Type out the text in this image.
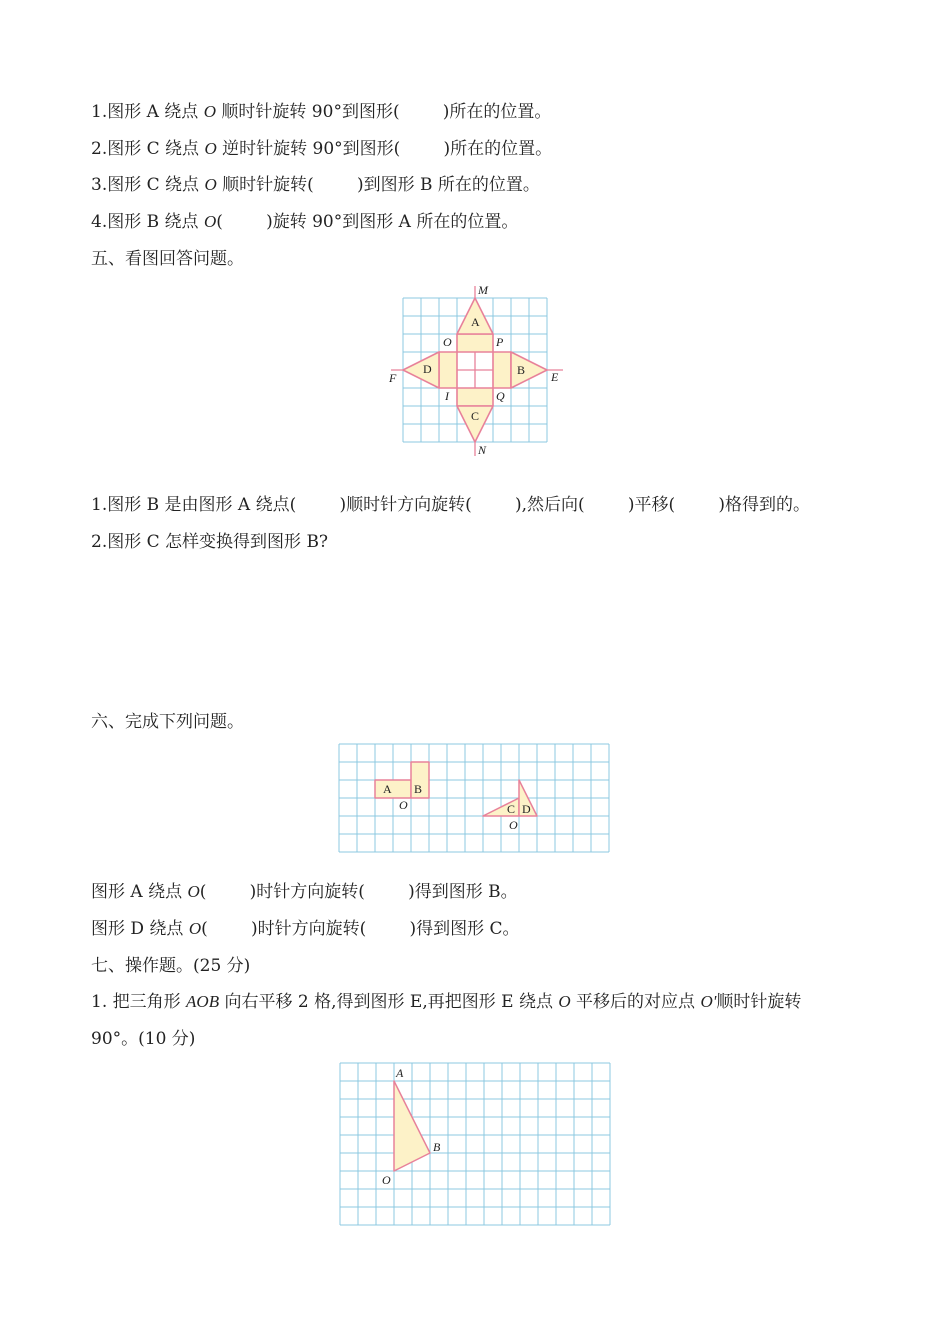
1.图形 A 绕点 O 顺时针旋转 90°到图形(        )所在的位置。
2.图形 C 绕点 O 逆时针旋转 90°到图形(        )所在的位置。
3.图形 C 绕点 O 顺时针旋转(        )到图形 B 所在的位置。
4.图形 B 绕点 O(        )旋转 90°到图形 A 所在的位置。
五、看图回答问题。
M
N
E
F
O	P
I	Q
A
B
C
D
1.图形 B 是由图形 A 绕点(        )顺时针方向旋转(        ),然后向(        )平移(        )格得到的。
2.图形 C 怎样变换得到图形 B?
六、完成下列问题。
A B
C D
O
O
图形 A 绕点 O(        )时针方向旋转(        )得到图形 B。
图形 D 绕点 O(        )时针方向旋转(        )得到图形 C。
七、操作题。(25 分)
1. 把三角形 AOB 向右平移 2 格,得到图形 E,再把图形 E 绕点 O 平移后的对应点 O'顺时针旋转
90°。(10 分)
A
B
O
